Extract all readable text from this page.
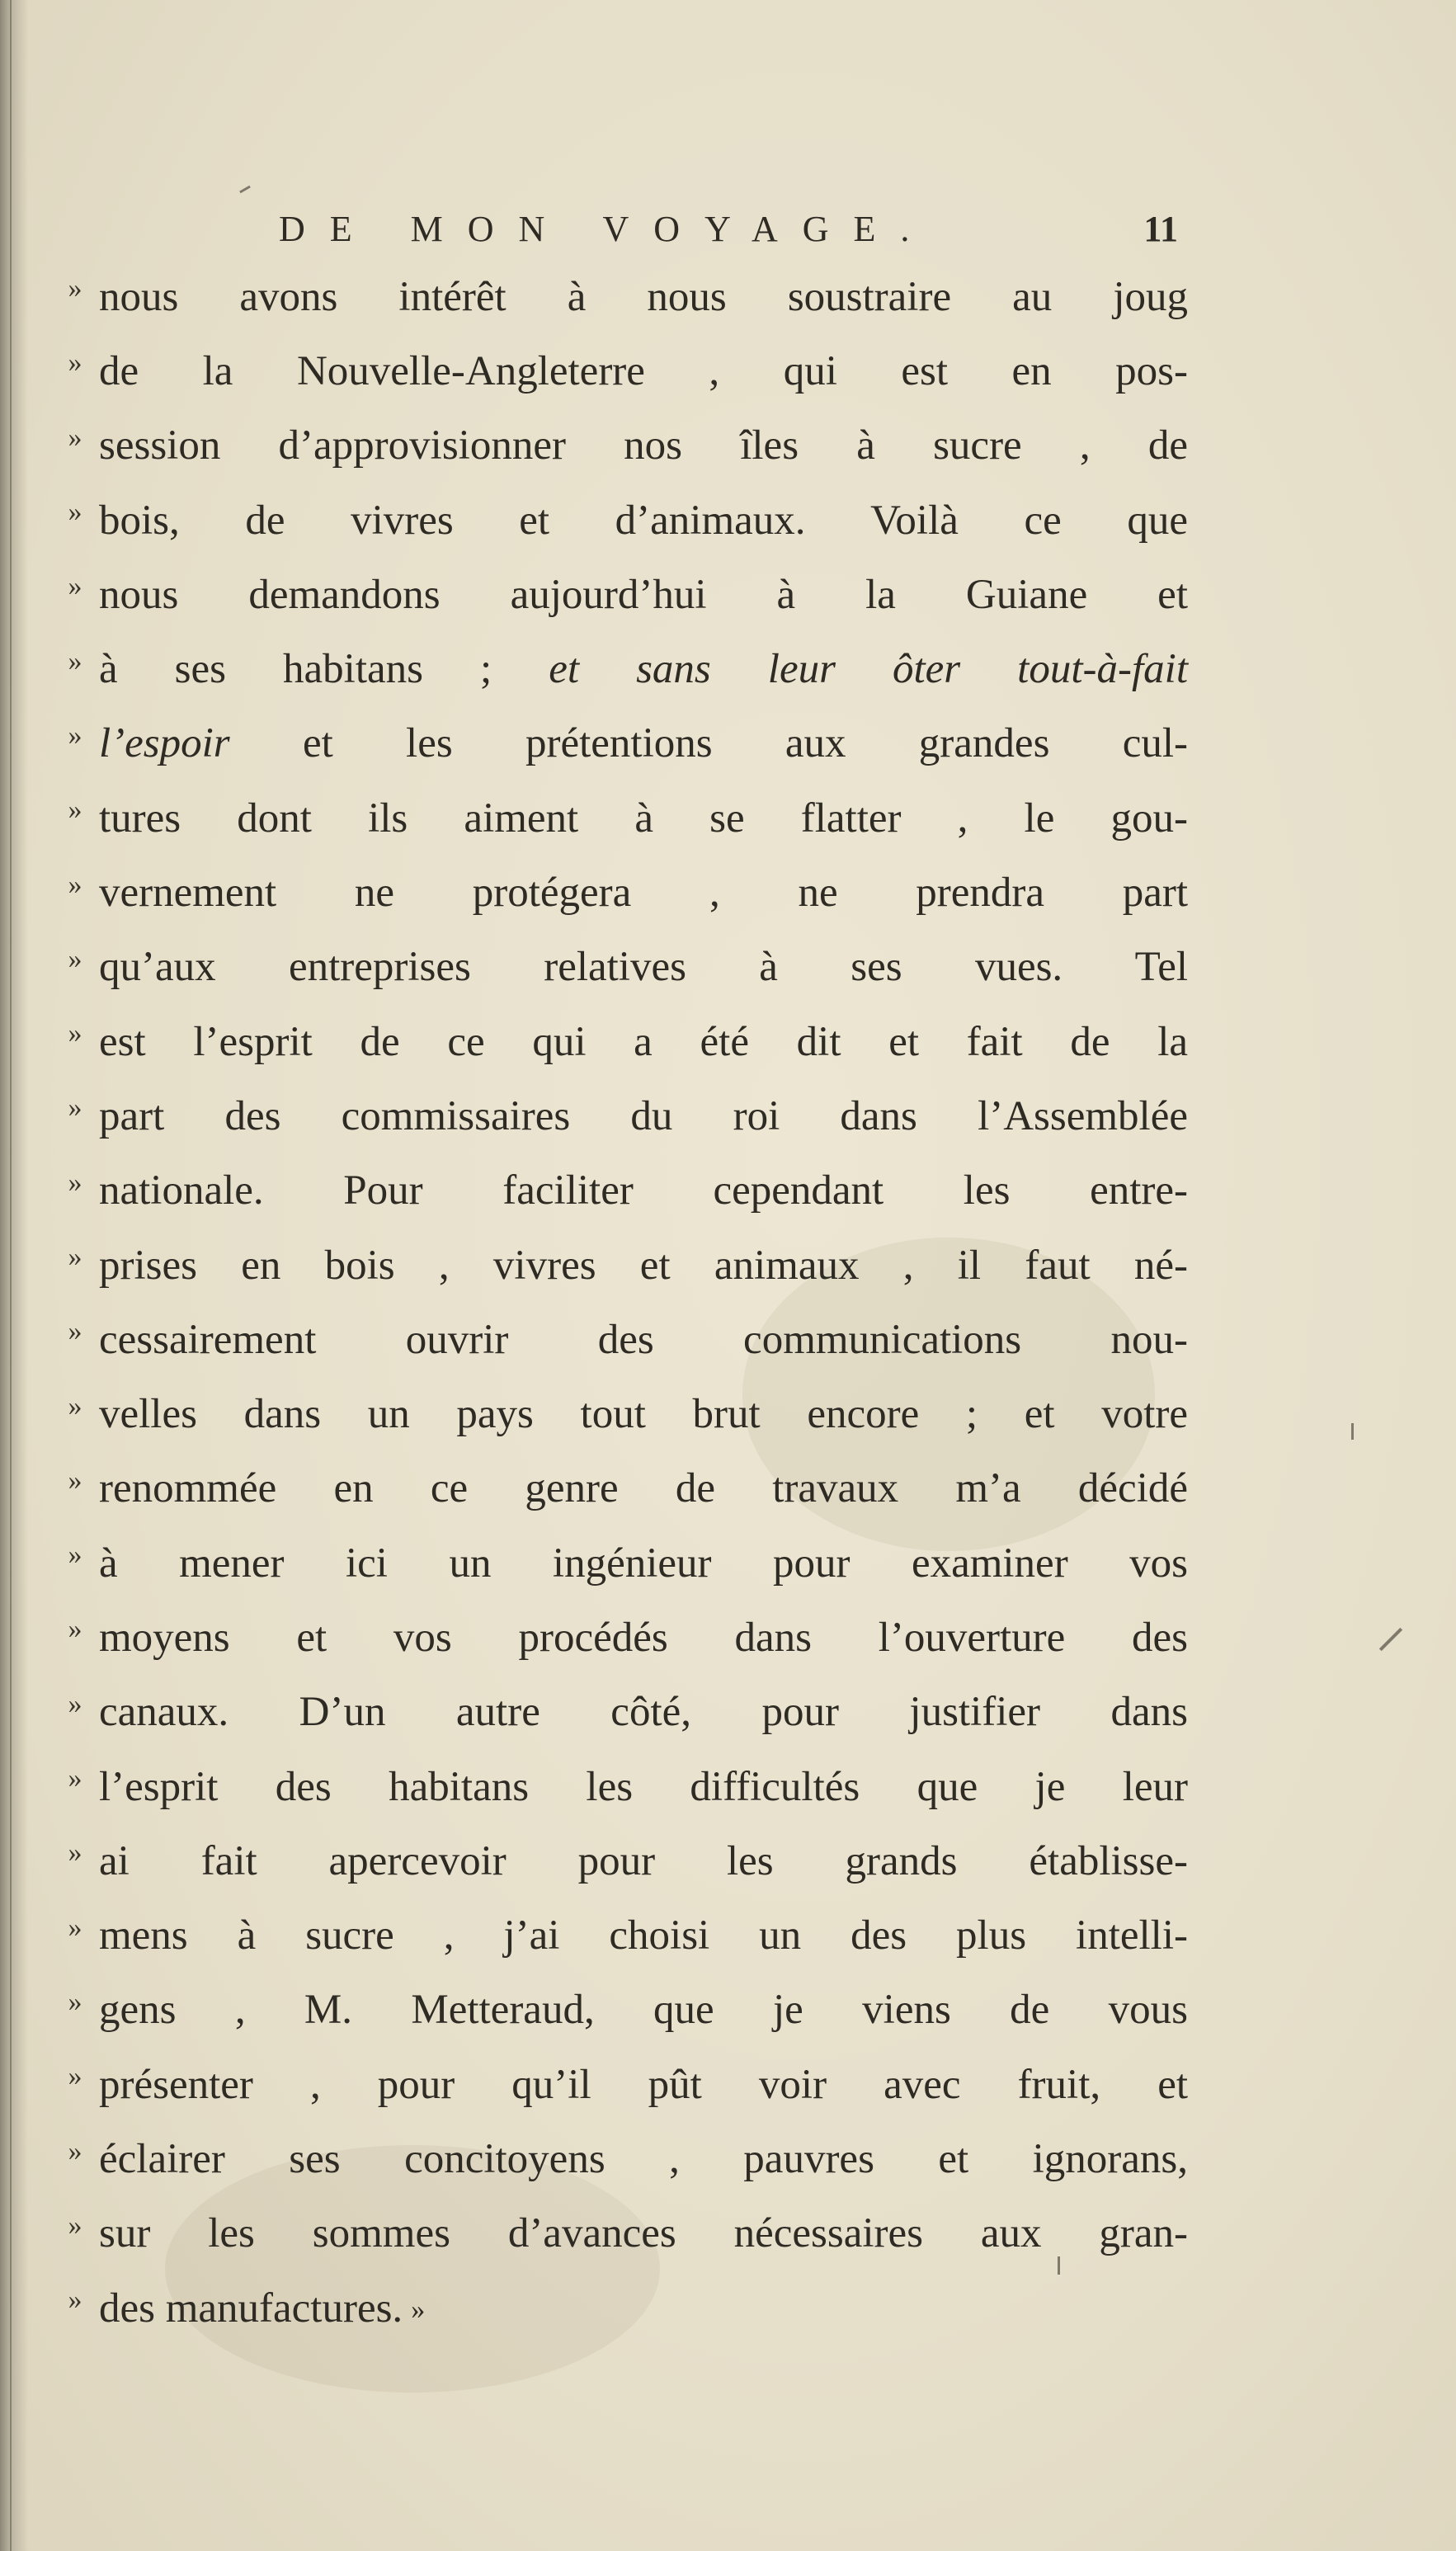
DE MON VOYAGE.	11
» nous avons intérêt à nous soustraire au joug
» de la Nouvelle-Angleterre , qui est en pos-
» session d’approvisionner nos îles à sucre , de
» bois, de vivres et d’animaux. Voilà ce que
» nous demandons aujourd’hui à la Guiane et
» à ses habitans ; et sans leur ôter tout-à-fait
» l’espoir et les prétentions aux grandes cul-
» tures dont ils aiment à se flatter , le gou-
» vernement ne protégera , ne prendra part
» qu’aux entreprises relatives à ses vues. Tel
» est l’esprit de ce qui a été dit et fait de la
» part des commissaires du roi dans l’Assemblée
» nationale. Pour faciliter cependant les entre-
» prises en bois , vivres et animaux , il faut né-
» cessairement ouvrir des communications nou-
» velles dans un pays tout brut encore ; et votre
» renommée en ce genre de travaux m’a décidé
» à mener ici un ingénieur pour examiner vos
» moyens et vos procédés dans l’ouverture des
» canaux. D’un autre côté, pour justifier dans
» l’esprit des habitans les difficultés que je leur
» ai fait apercevoir pour les grands établisse-
» mens à sucre , j’ai choisi un des plus intelli-
» gens , M. Metteraud, que je viens de vous
» présenter , pour qu’il pût voir avec fruit, et
» éclairer ses concitoyens , pauvres et ignorans,
» sur les sommes d’avances nécessaires aux gran-
» des manufactures. »
